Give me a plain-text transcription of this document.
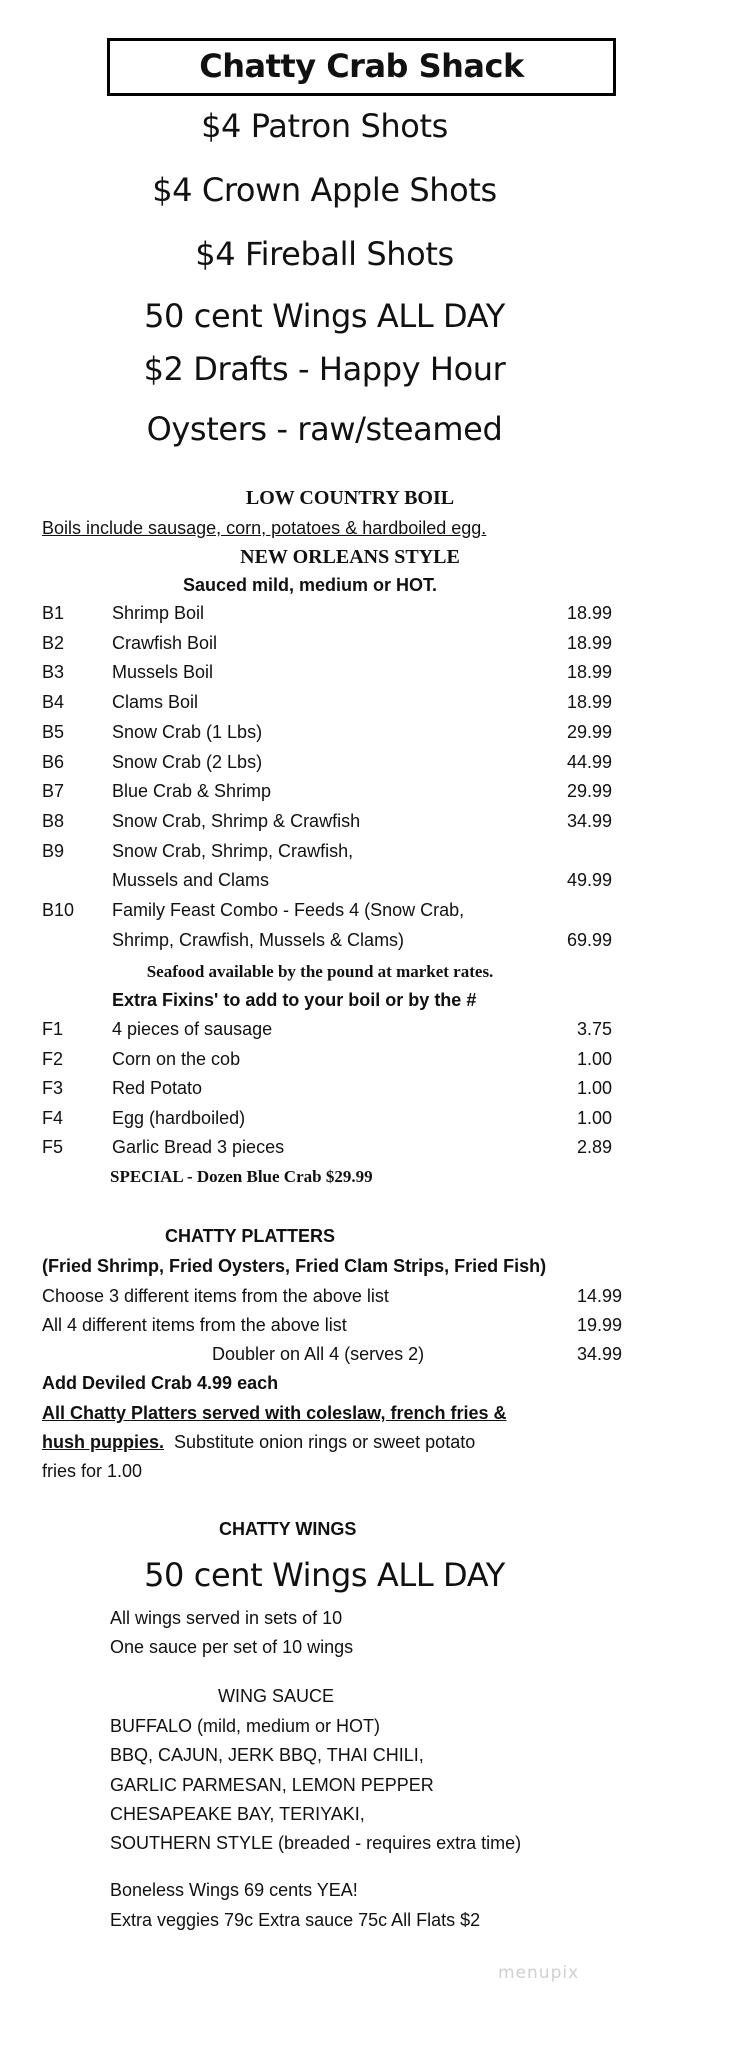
Chatty Crab Shack
$4 Patron Shots
$4 Crown Apple Shots
$4 Fireball Shots
50 cent Wings ALL DAY
$2 Drafts - Happy Hour
Oysters - raw/steamed
LOW COUNTRY BOIL
Boils include sausage, corn, potatoes & hardboiled egg.
NEW ORLEANS STYLE
Sauced mild, medium or HOT.
B1	Shrimp Boil	18.99
B2	Crawfish Boil	18.99
B3	Mussels Boil	18.99
B4	Clams Boil	18.99
B5	Snow Crab (1 Lbs)	29.99
B6	Snow Crab (2 Lbs)	44.99
B7	Blue Crab & Shrimp	29.99
B8	Snow Crab, Shrimp & Crawfish	34.99
B9	Snow Crab, Shrimp, Crawfish,
Mussels and Clams	49.99
B10 Family Feast Combo - Feeds 4 (Snow Crab,
Shrimp, Crawfish, Mussels & Clams)	69.99
Seafood available by the pound at market rates.
Extra Fixins' to add to your boil or by the #
F1	4 pieces of sausage	3.75
F2	Corn on the cob	1.00
F3	Red Potato	1.00
F4	Egg (hardboiled)	1.00
F5	Garlic Bread 3 pieces	2.89
SPECIAL - Dozen Blue Crab $29.99
CHATTY PLATTERS
(Fried Shrimp, Fried Oysters, Fried Clam Strips, Fried Fish)
Choose 3 different items from the above list	14.99
All 4 different items from the above list	19.99
Doubler on All 4 (serves 2)	34.99
Add Deviled Crab 4.99 each
All Chatty Platters served with coleslaw, french fries &
hush puppies. Substitute onion rings or sweet potato
fries for 1.00
CHATTY WINGS
50 cent Wings ALL DAY
All wings served in sets of 10
One sauce per set of 10 wings
WING SAUCE
BUFFALO (mild, medium or HOT)
BBQ, CAJUN, JERK BBQ, THAI CHILI,
GARLIC PARMESAN, LEMON PEPPER
CHESAPEAKE BAY, TERIYAKI,
SOUTHERN STYLE (breaded - requires extra time)
Boneless Wings 69 cents YEA!
Extra veggies 79c Extra sauce 75c All Flats $2
menupix
